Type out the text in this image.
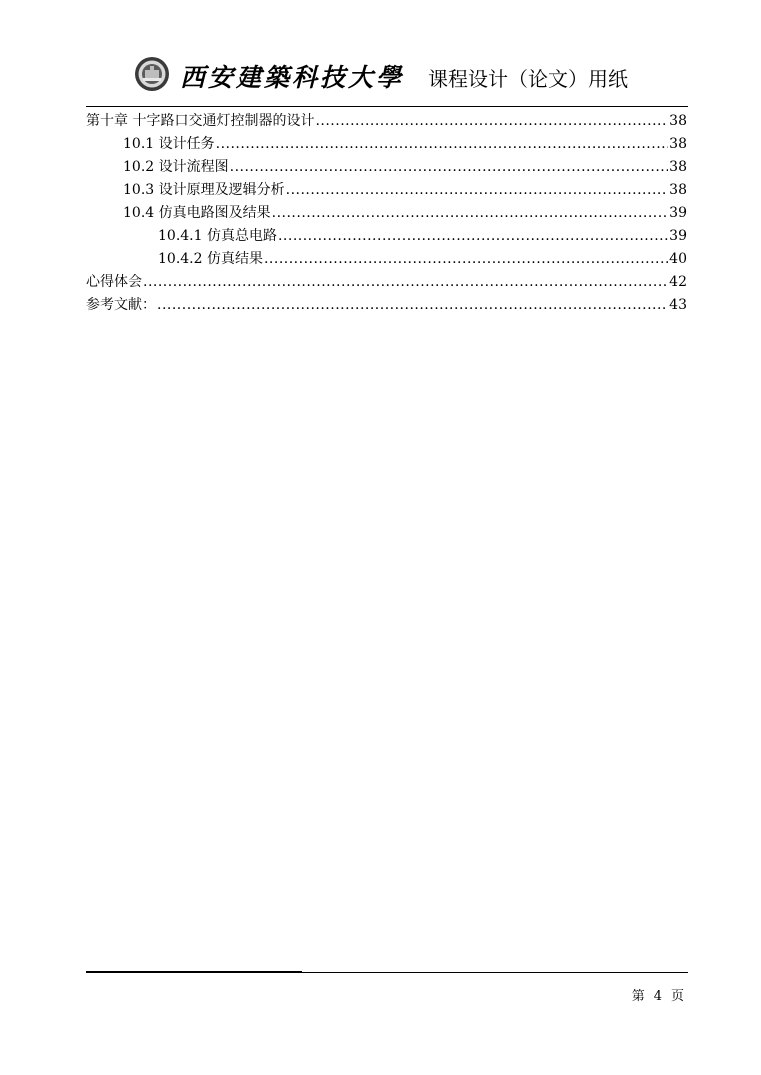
西安建築科技大學 课程设计（论文）用纸
第十章 十字路口交通灯控制器的设计 .....	38
10.1 设计任务 .....	38
10.2 设计流程图 .....	38
10.3 设计原理及逻辑分析 .....	38
10.4 仿真电路图及结果 .....	39
10.4.1 仿真总电路 .....	39
10.4.2 仿真结果 .....	40
心得体会 .....	42
参考文献： .....	43
第 4 页
